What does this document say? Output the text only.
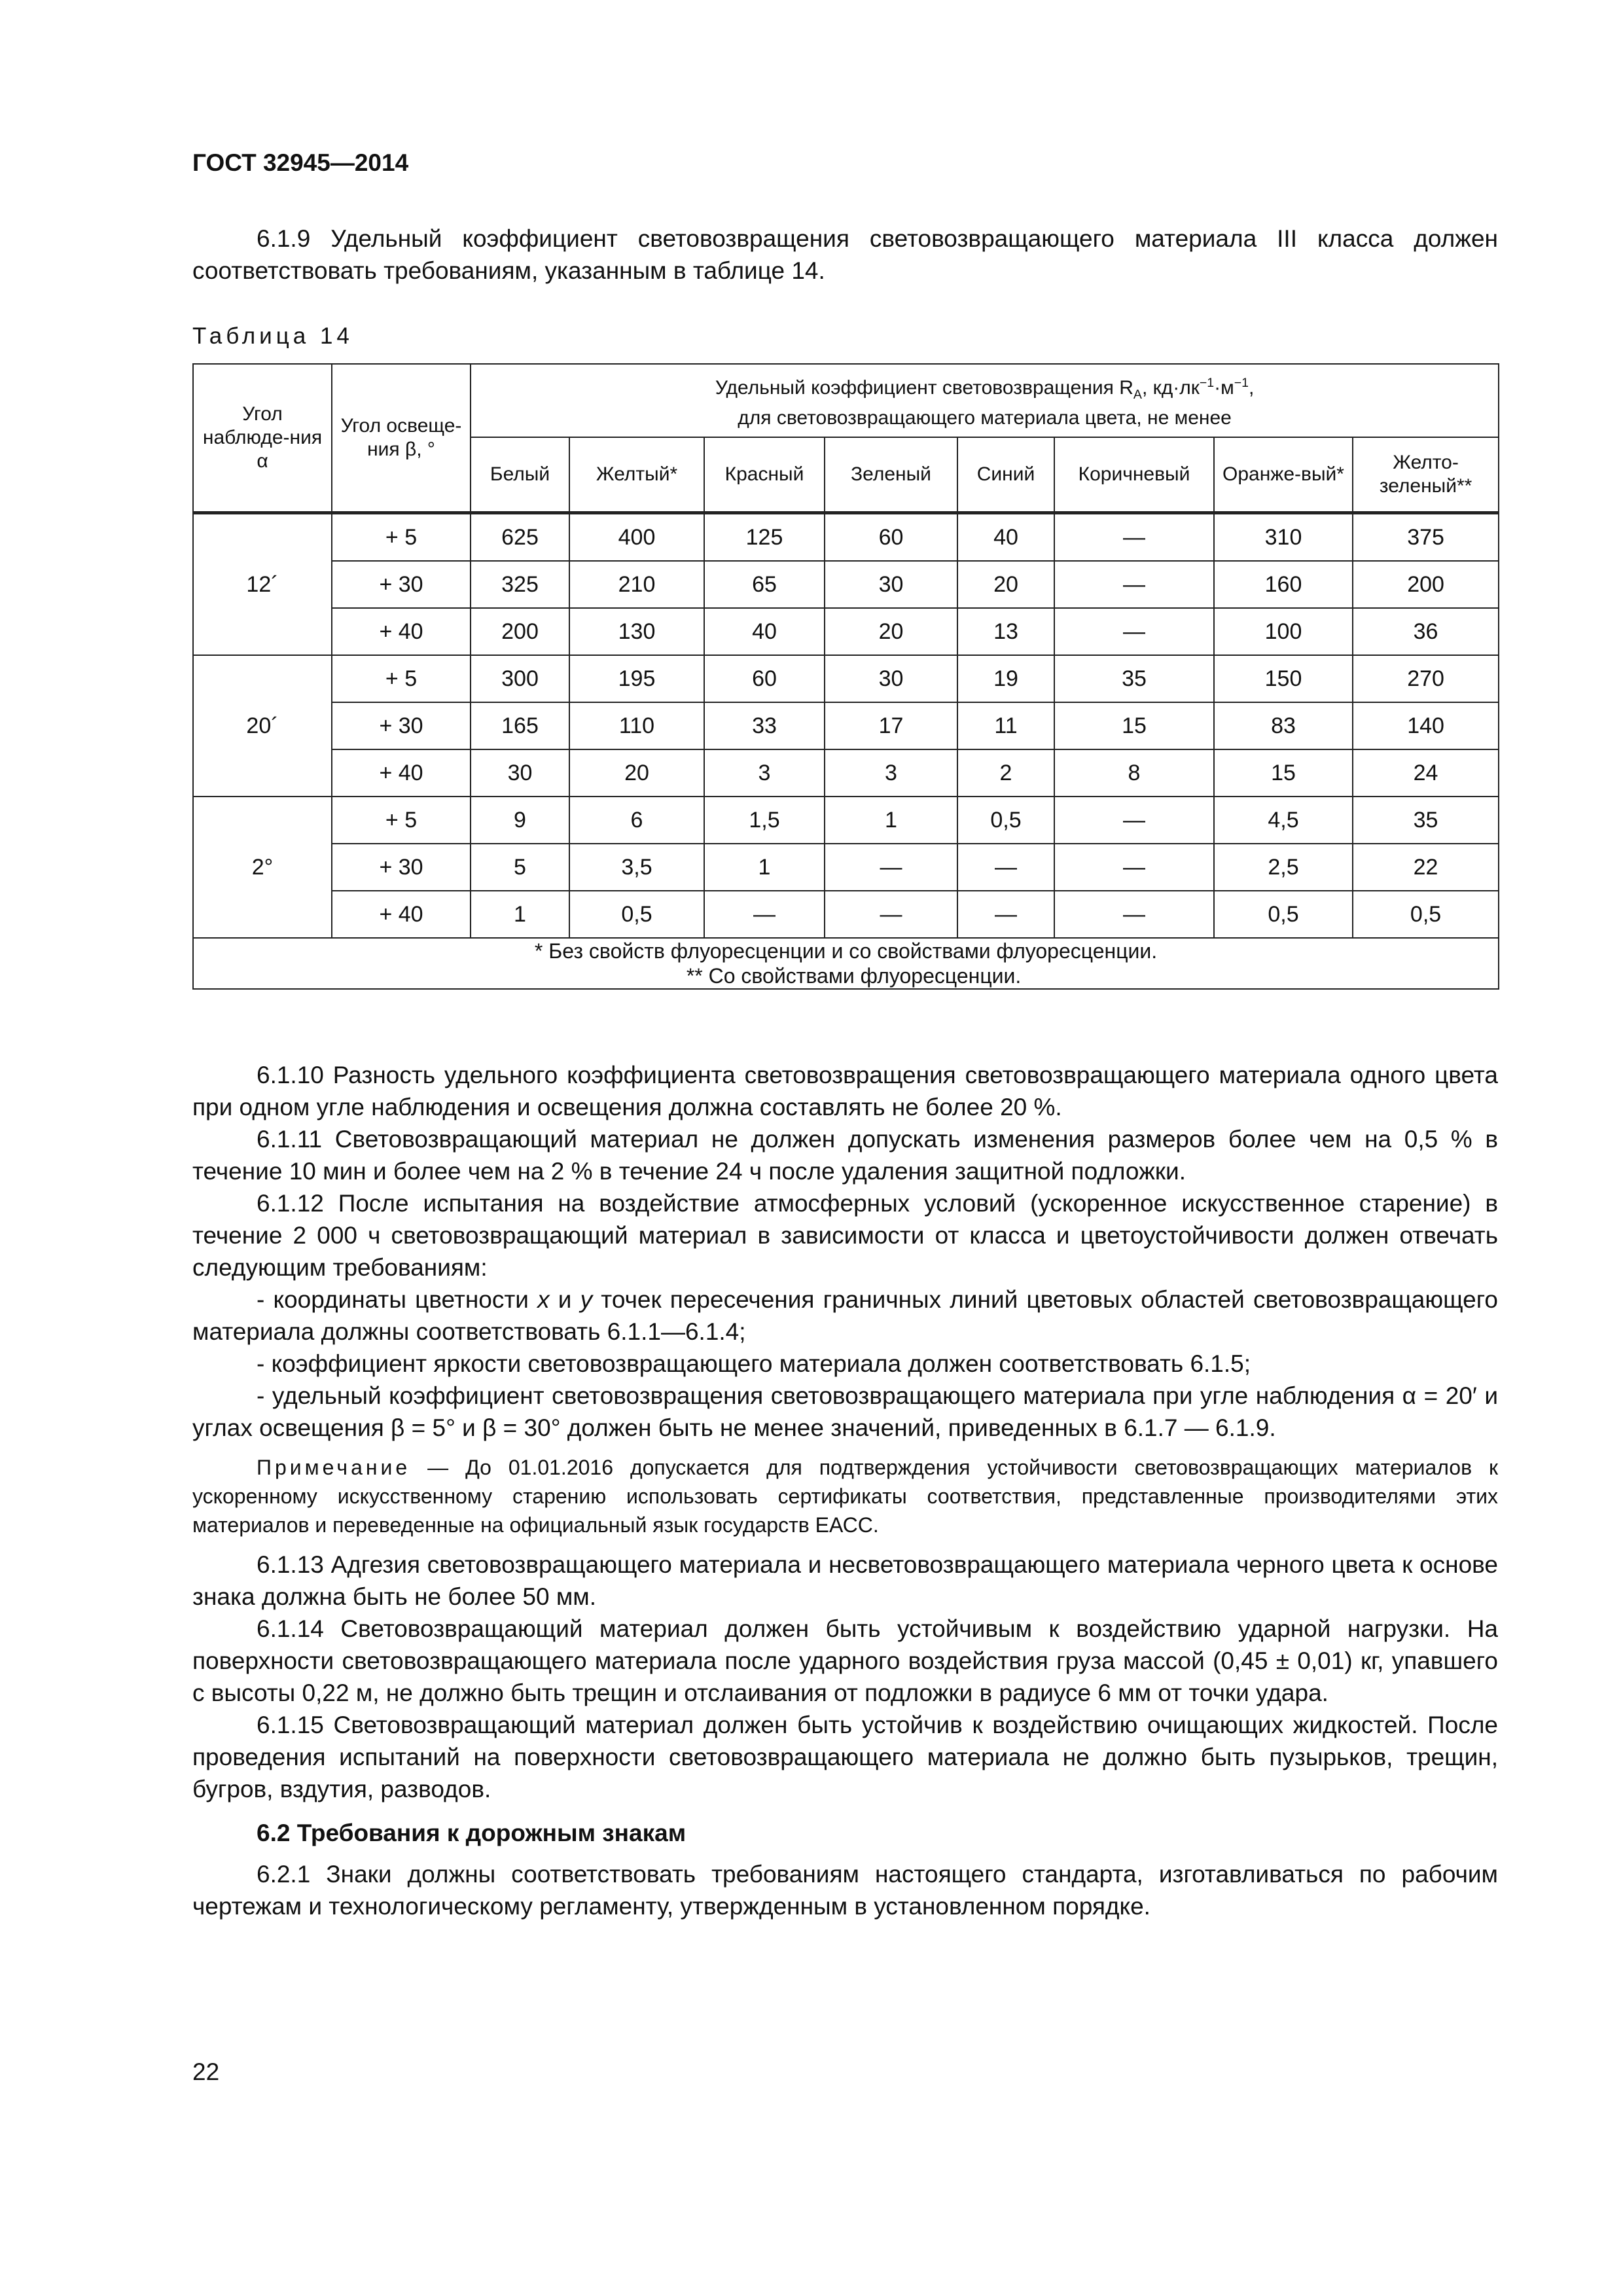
ГОСТ 32945—2014

6.1.9 Удельный коэффициент световозвращения световозвращающего материала III класса должен соответствовать требованиям, указанным в таблице 14.

Таблица 14
Угол наблюде-ния α	Угол освеще-ния β, °	Удельный коэффициент световозвращения $R_A$, $кд\cdot лк^{-1}\cdot м^{-1}$,
для световозвращающего материала цвета, не менее							
		Белый	Желтый*	Красный	Зеленый	Синий	Коричневый	Оранже-вый*	Желто-зеленый**
12´	+ 5	625	400	125	60	40	—	310	375
	+ 30	325	210	65	30	20	—	160	200
	+ 40	200	130	40	20	13	—	100	36
20´	+ 5	300	195	60	30	19	35	150	270
	+ 30	165	110	33	17	11	15	83	140
	+ 40	30	20	3	3	2	8	15	24
2°	+ 5	9	6	1,5	1	0,5	—	4,5	35
	+ 30	5	3,5	1	—	—	—	2,5	22
	+ 40	1	0,5	—	—	—	—	0,5	0,5

* Без свойств флуоресценции и со свойствами флуоресценции.
** Со свойствами флуоресценции.									

6.1.10 Разность удельного коэффициента световозвращения световозвращающего материала одного цвета при одном угле наблюдения и освещения должна составлять не более 20 %.

6.1.11 Световозвращающий материал не должен допускать изменения размеров более чем на 0,5 % в течение 10 мин и более чем на 2 % в течение 24 ч после удаления защитной подложки.

6.1.12 После испытания на воздействие атмосферных условий (ускоренное искусственное старение) в течение 2 000 ч световозвращающий материал в зависимости от класса и цветоустойчивости должен отвечать следующим требованиям:

- координаты цветности х и у точек пересечения граничных линий цветовых областей световозвращающего материала должны соответствовать 6.1.1—6.1.4;

- коэффициент яркости световозвращающего материала должен соответствовать 6.1.5;

- удельный коэффициент световозвращения световозвращающего материала при угле наблюдения α = 20′ и углах освещения β = 5° и β = 30° должен быть не менее значений, приведенных в 6.1.7 — 6.1.9.

Примечание — До 01.01.2016 допускается для подтверждения устойчивости световозвращающих материалов к ускоренному искусственному старению использовать сертификаты соответствия, представленные производителями этих материалов и переведенные на официальный язык государств ЕАСС.

6.1.13 Адгезия световозвращающего материала и несветовозвращающего материала черного цвета к основе знака должна быть не более 50 мм.

6.1.14 Световозвращающий материал должен быть устойчивым к воздействию ударной нагрузки. На поверхности световозвращающего материала после ударного воздействия груза массой (0,45 ± 0,01) кг, упавшего с высоты 0,22 м, не должно быть трещин и отслаивания от подложки в радиусе 6 мм от точки удара.

6.1.15 Световозвращающий материал должен быть устойчив к воздействию очищающих жидкостей. После проведения испытаний на поверхности световозвращающего материала не должно быть пузырьков, трещин, бугров, вздутия, разводов.

6.2 Требования к дорожным знакам

6.2.1 Знаки должны соответствовать требованиям настоящего стандарта, изготавливаться по рабочим чертежам и технологическому регламенту, утвержденным в установленном порядке.

22
